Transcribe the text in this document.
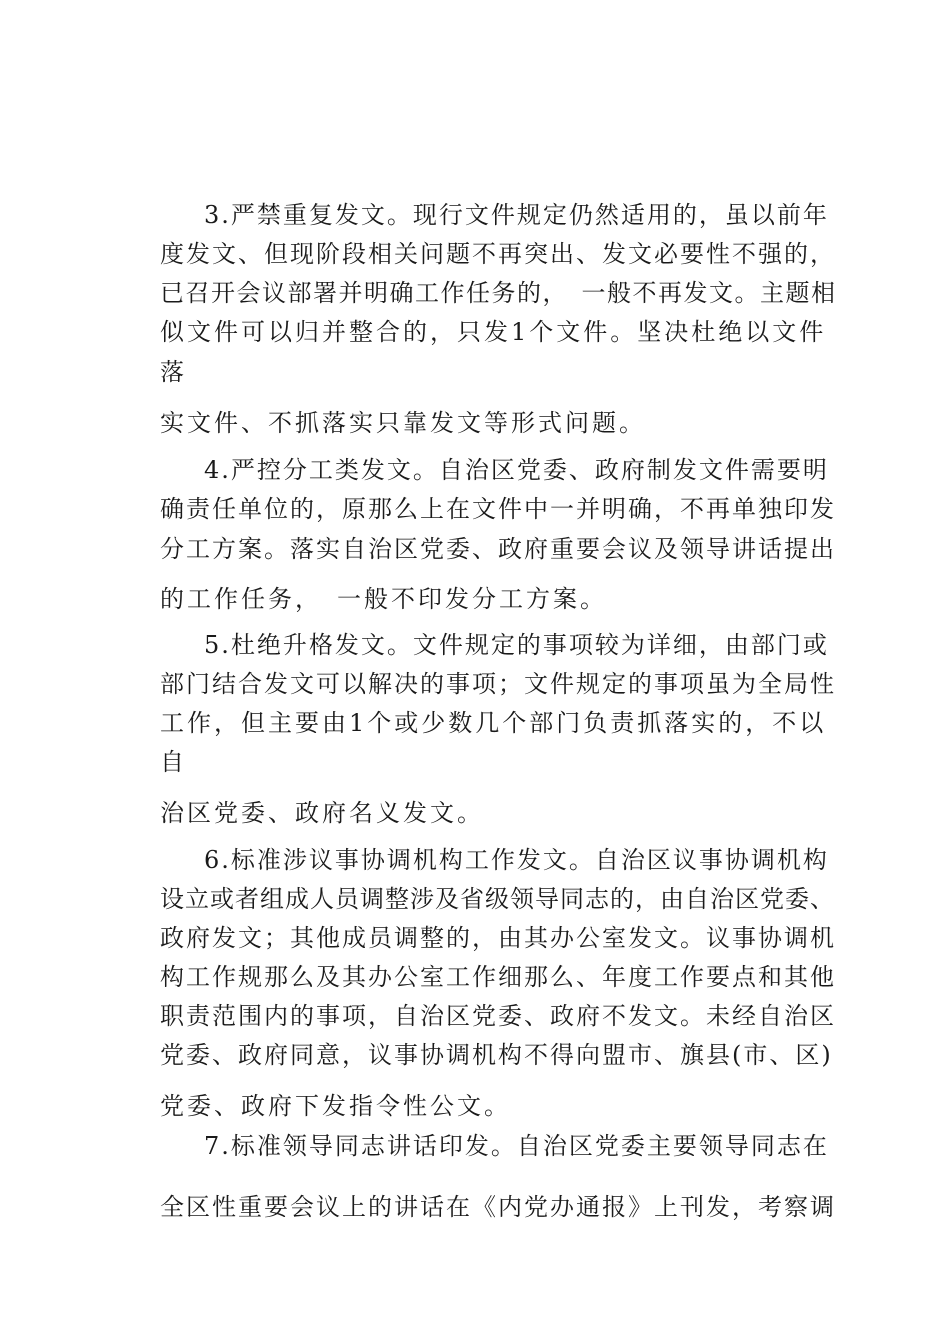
3.严禁重复发文。现行文件规定仍然适用的，虽以前年
度发文、但现阶段相关问题不再突出、发文必要性不强的，
已召开会议部署并明确工作任务的，　一般不再发文。主题相
似文件可以归并整合的，只发1个文件。坚决杜绝以文件
落
实文件、不抓落实只靠发文等形式问题。
4.严控分工类发文。自治区党委、政府制发文件需要明
确责任单位的，原那么上在文件中一并明确，不再单独印发
分工方案。落实自治区党委、政府重要会议及领导讲话提出
的工作任务，　一般不印发分工方案。
5.杜绝升格发文。文件规定的事项较为详细，由部门或
部门结合发文可以解决的事项；文件规定的事项虽为全局性
工作，但主要由1个或少数几个部门负责抓落实的，不以
自
治区党委、政府名义发文。
6.标准涉议事协调机构工作发文。自治区议事协调机构
设立或者组成人员调整涉及省级领导同志的，由自治区党委、
政府发文；其他成员调整的，由其办公室发文。议事协调机
构工作规那么及其办公室工作细那么、年度工作要点和其他
职责范围内的事项，自治区党委、政府不发文。未经自治区
党委、政府同意，议事协调机构不得向盟市、旗县(市、区)
党委、政府下发指令性公文。
7.标准领导同志讲话印发。自治区党委主要领导同志在
全区性重要会议上的讲话在《内党办通报》上刊发，考察调
